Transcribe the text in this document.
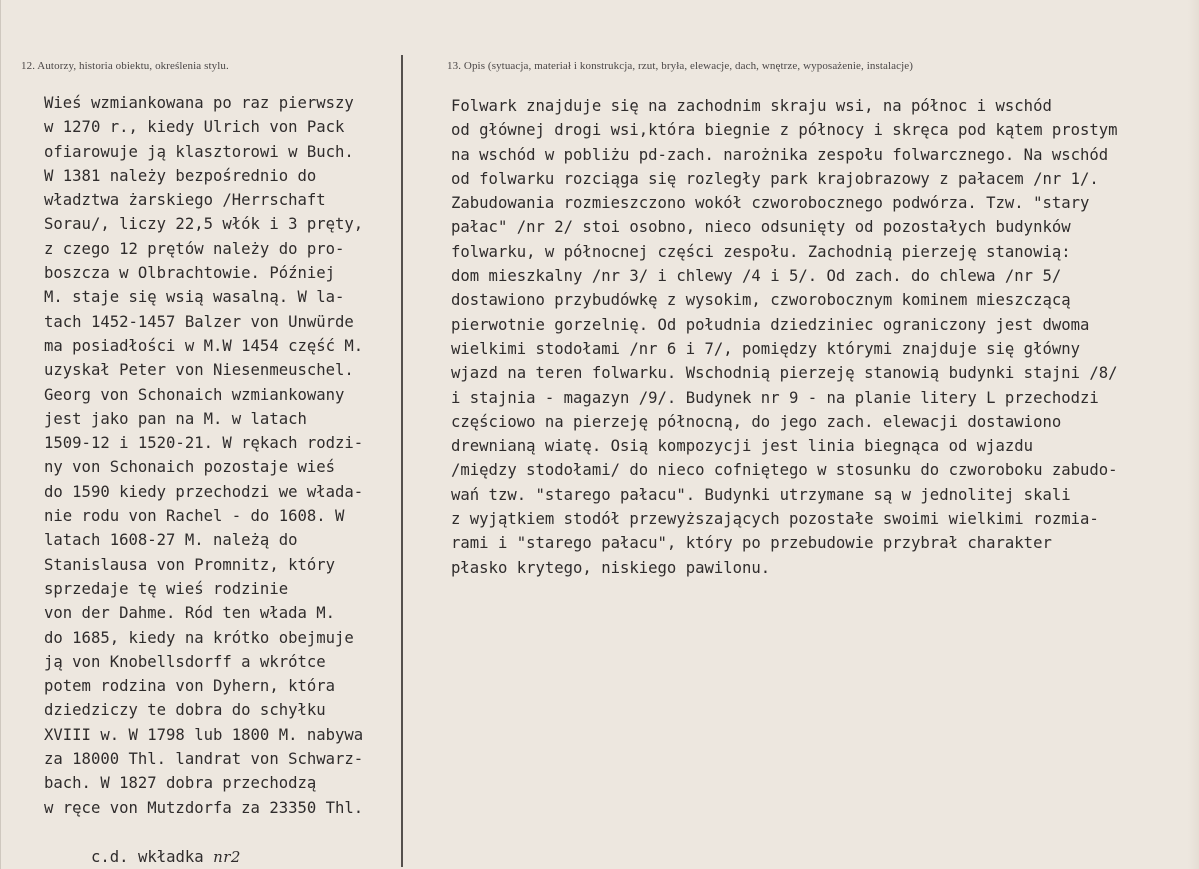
12. Autorzy, historia obiektu, określenia stylu.	13. Opis (sytuacja, materiał i konstrukcja, rzut, bryła, elewacje, dach, wnętrze, wyposażenie, instalacje)
Wieś wzmiankowana po raz pierwszy
w 1270 r., kiedy Ulrich von Pack
ofiarowuje ją klasztorowi w Buch.
W 1381 należy bezpośrednio do
władztwa żarskiego /Herrschaft
Sorau/, liczy 22,5 włók i 3 pręty,
z czego 12 prętów należy do pro-
boszcza w Olbrachtowie. Później
M. staje się wsią wasalną. W la-
tach 1452-1457 Balzer von Unwürde
ma posiadłości w M.W 1454 część M.
uzyskał Peter von Niesenmeuschel.
Georg von Schonaich wzmiankowany
jest jako pan na M. w latach
1509-12 i 1520-21. W rękach rodzi-
ny von Schonaich pozostaje wieś
do 1590 kiedy przechodzi we włada-
nie rodu von Rachel - do 1608. W
latach 1608-27 M. należą do
Stanislausa von Promnitz, który
sprzedaje tę wieś rodzinie
von der Dahme. Ród ten włada M.
do 1685, kiedy na krótko obejmuje
ją von Knobellsdorff a wkrótce
potem rodzina von Dyhern, która
dziedziczy te dobra do schyłku
XVIII w. W 1798 lub 1800 M. nabywa
za 18000 Thl. landrat von Schwarz-
bach. W 1827 dobra przechodzą
w ręce von Mutzdorfa za 23350 Thl.
Folwark znajduje się na zachodnim skraju wsi, na północ i wschód
od głównej drogi wsi,która biegnie z północy i skręca pod kątem prostym
na wschód w pobliżu pd-zach. narożnika zespołu folwarcznego. Na wschód
od folwarku rozciąga się rozległy park krajobrazowy z pałacem /nr 1/.
Zabudowania rozmieszczono wokół czworobocznego podwórza. Tzw. "stary
pałac" /nr 2/ stoi osobno, nieco odsunięty od pozostałych budynków
folwarku, w północnej części zespołu. Zachodnią pierzeję stanowią:
dom mieszkalny /nr 3/ i chlewy /4 i 5/. Od zach. do chlewa /nr 5/
dostawiono przybudówkę z wysokim, czworobocznym kominem mieszczącą
pierwotnie gorzelnię. Od południa dziedziniec ograniczony jest dwoma
wielkimi stodołami /nr 6 i 7/, pomiędzy którymi znajduje się główny
wjazd na teren folwarku. Wschodnią pierzeję stanowią budynki stajni /8/
i stajnia - magazyn /9/. Budynek nr 9 - na planie litery L przechodzi
częściowo na pierzeję północną, do jego zach. elewacji dostawiono
drewnianą wiatę. Osią kompozycji jest linia biegnąca od wjazdu
/między stodołami/ do nieco cofniętego w stosunku do czworoboku zabudo-
wań tzw. "starego pałacu". Budynki utrzymane są w jednolitej skali
z wyjątkiem stodół przewyższających pozostałe swoimi wielkimi rozmia-
rami i "starego pałacu", który po przebudowie przybrał charakter
płasko krytego, niskiego pawilonu.
c.d. wkładka nr2
